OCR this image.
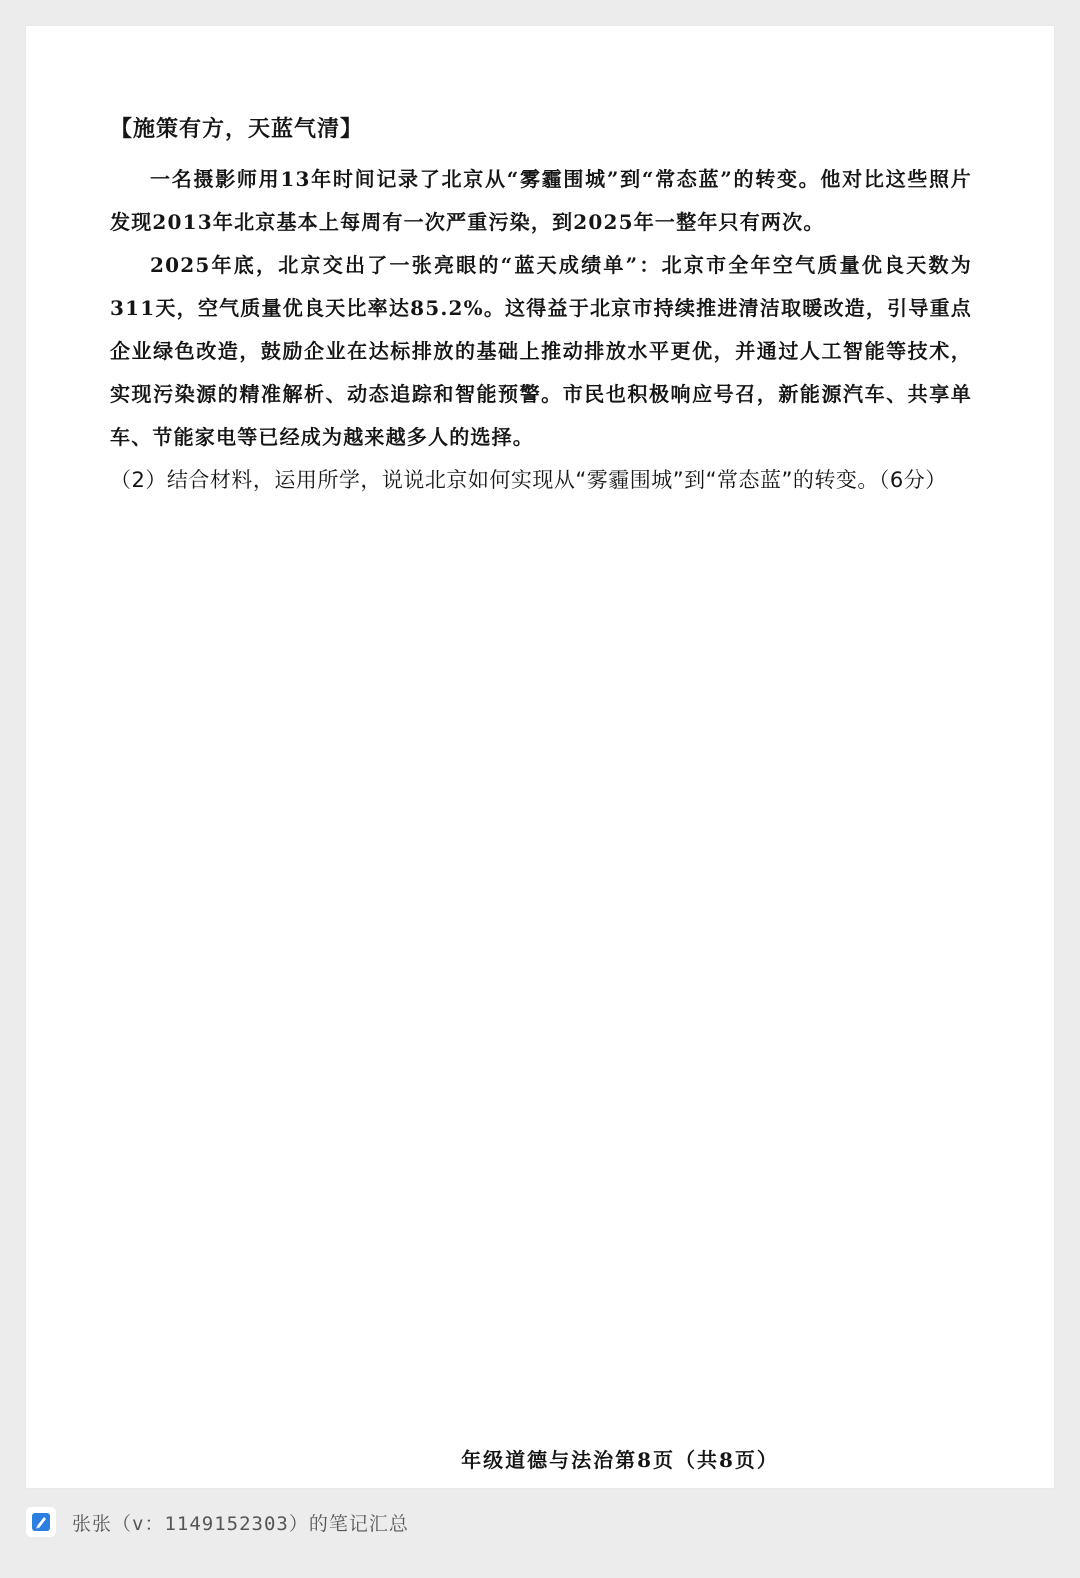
【施策有方，天蓝气清】

一名摄影师用13年时间记录了北京从“雾霾围城”到“常态蓝”的转变。他对比这些照片发现2013年北京基本上每周有一次严重污染，到2025年一整年只有两次。

2025年底，北京交出了一张亮眼的“蓝天成绩单”：北京市全年空气质量优良天数为311天，空气质量优良天比率达85.2%。这得益于北京市持续推进清洁取暖改造，引导重点企业绿色改造，鼓励企业在达标排放的基础上推动排放水平更优，并通过人工智能等技术，实现污染源的精准解析、动态追踪和智能预警。市民也积极响应号召，新能源汽车、共享单车、节能家电等已经成为越来越多人的选择。

（2）结合材料，运用所学，说说北京如何实现从“雾霾围城”到“常态蓝”的转变。（6分）

年级道德与法治第8页（共8页）
张张（v：1149152303）的笔记汇总
